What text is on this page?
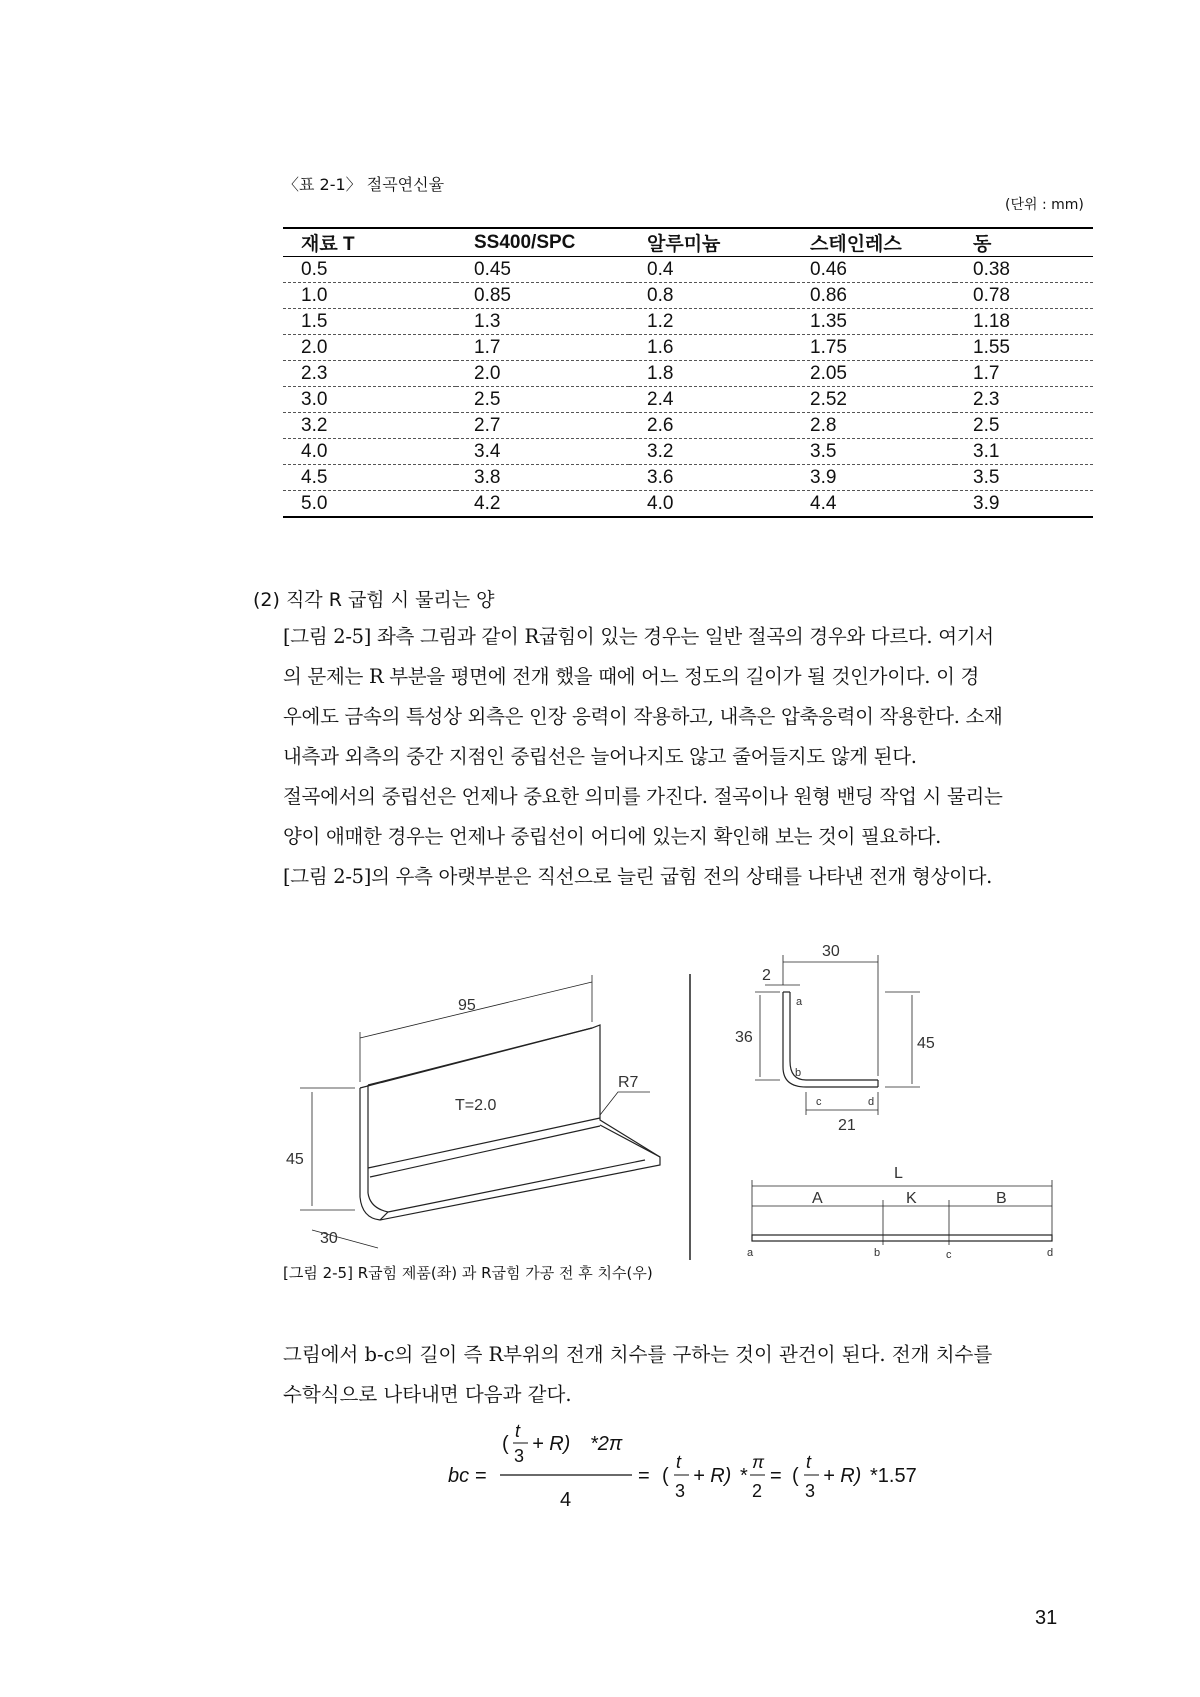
〈표 2-1〉 절곡연신율
(단위 : mm)
재료 T	SS400/SPC	알루미늄	스테인레스	동
0.5	0.45	0.4	0.46	0.38
1.0	0.85	0.8	0.86	0.78
1.5	1.3	1.2	1.35	1.18
2.0	1.7	1.6	1.75	1.55
2.3	2.0	1.8	2.05	1.7
3.0	2.5	2.4	2.52	2.3
3.2	2.7	2.6	2.8	2.5
4.0	3.4	3.2	3.5	3.1
4.5	3.8	3.6	3.9	3.5
5.0	4.2	4.0	4.4	3.9
(2) 직각 R 굽힘 시 물리는 양

[그림 2-5] 좌측 그림과 같이 R굽힘이 있는 경우는 일반 절곡의 경우와 다르다. 여기서

의 문제는 R 부분을 평면에 전개 했을 때에 어느 정도의 길이가 될 것인가이다. 이 경

우에도 금속의 특성상 외측은 인장 응력이 작용하고, 내측은 압축응력이 작용한다. 소재

내측과 외측의 중간 지점인 중립선은 늘어나지도 않고 줄어들지도 않게 된다.

절곡에서의 중립선은 언제나 중요한 의미를 가진다. 절곡이나 원형 밴딩 작업 시 물리는

양이 애매한 경우는 언제나 중립선이 어디에 있는지 확인해 보는 것이 필요하다.

[그림 2-5]의 우측 아랫부분은 직선으로 늘린 굽힘 전의 상태를 나타낸 전개 형상이다.

95
R7
T=2.0
45
30
30
2
36	45
21
a
b
c	d
L
A	K	B
a	b	c	d
[그림 2-5] R굽힘 제품(좌) 과 R굽힘 가공 전 후 치수(우)

그림에서 b-c의 길이 즉 R부위의 전개 치수를 구하는 것이 관건이 된다. 전개 치수를

수학식으로 나타내면 다음과 같다.

bc =
(
t
3
+ R) *2π
4
= (
t
3
+ R) *
π
2
= (
t
3
+ R) *1.57
31
